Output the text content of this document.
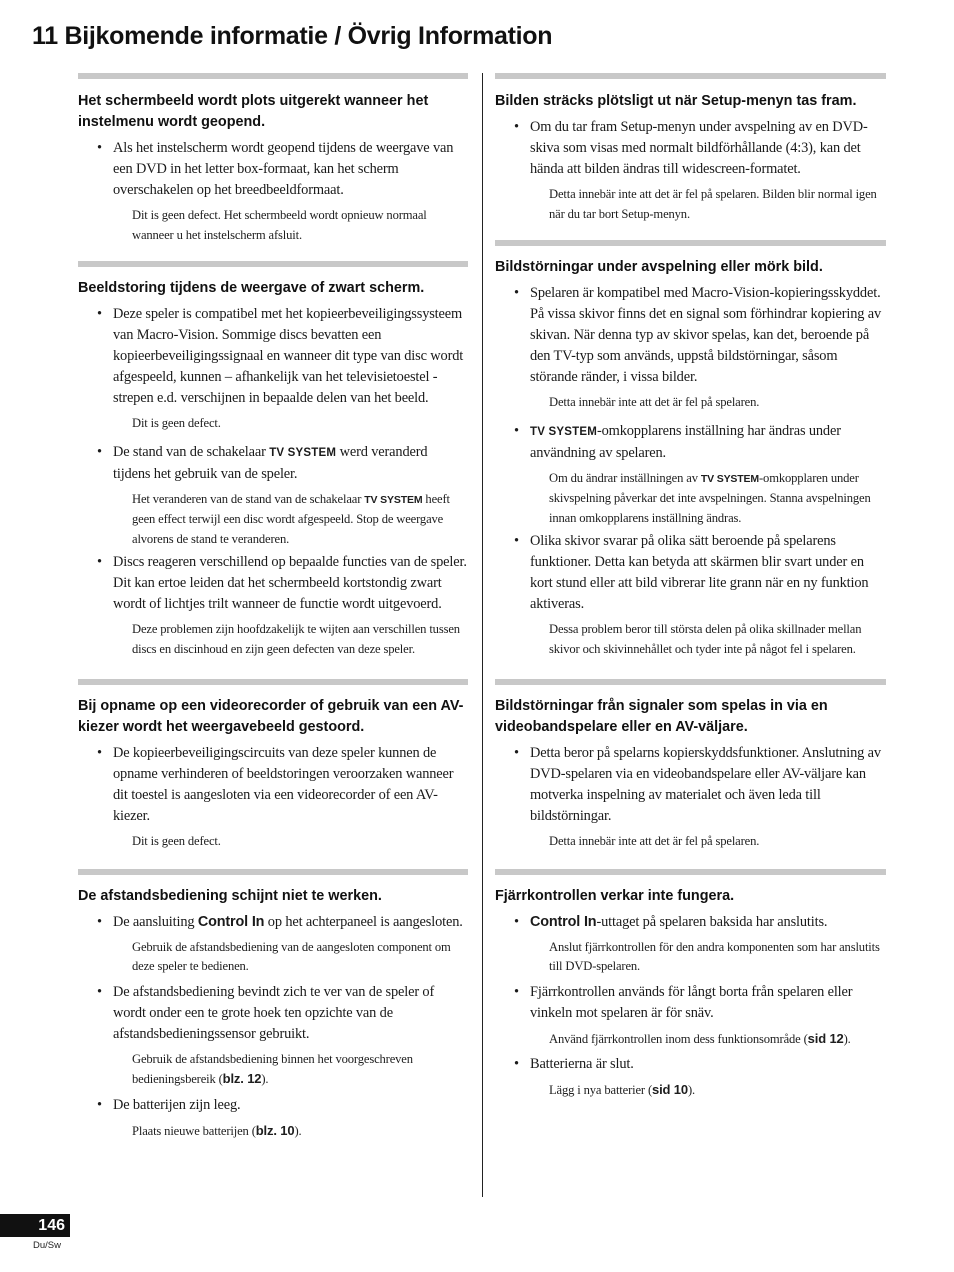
11 Bijkomende informatie / Övrig Information
Het schermbeeld wordt plots uitgerekt wanneer het instelmenu wordt geopend.
• Als het instelscherm wordt geopend tijdens de weergave van een DVD in het letter box-formaat, kan het scherm overschakelen op het breedbeeldformaat.
Dit is geen defect. Het schermbeeld wordt opnieuw normaal wanneer u het instelscherm afsluit.
Beeldstoring tijdens de weergave of zwart scherm.
• Deze speler is compatibel met het kopieerbeveiligingssysteem van Macro-Vision. Sommige discs bevatten een kopieerbeveiligingssignaal en wanneer dit type van disc wordt afgespeeld, kunnen – afhankelijk van het televisietoestel - strepen e.d. verschijnen in bepaalde delen van het beeld.
Dit is geen defect.
• De stand van de schakelaar TV SYSTEM werd veranderd tijdens het gebruik van de speler.
Het veranderen van de stand van de schakelaar TV SYSTEM heeft geen effect terwijl een disc wordt afgespeeld. Stop de weergave alvorens de stand te veranderen.
• Discs reageren verschillend op bepaalde functies van de speler. Dit kan ertoe leiden dat het schermbeeld kortstondig zwart wordt of lichtjes trilt wanneer de functie wordt uitgevoerd.
Deze problemen zijn hoofdzakelijk te wijten aan verschillen tussen discs en discinhoud en zijn geen defecten van deze speler.
Bij opname op een videorecorder of gebruik van een AV-kiezer wordt het weergavebeeld gestoord.
• De kopieerbeveiligingscircuits van deze speler kunnen de opname verhinderen of beeldstoringen veroorzaken wanneer dit toestel is aangesloten via een videorecorder of een AV-kiezer.
Dit is geen defect.
De afstandsbediening schijnt niet te werken.
• De aansluiting Control In op het achterpaneel is aangesloten.
Gebruik de afstandsbediening van de aangesloten component om deze speler te bedienen.
• De afstandsbediening bevindt zich te ver van de speler of wordt onder een te grote hoek ten opzichte van de afstandsbedieningssensor gebruikt.
Gebruik de afstandsbediening binnen het voorgeschreven bedieningsbereik (blz. 12).
• De batterijen zijn leeg.
Plaats nieuwe batterijen (blz. 10).
Bilden sträcks plötsligt ut när Setup-menyn tas fram.
• Om du tar fram Setup-menyn under avspelning av en DVD-skiva som visas med normalt bildförhållande (4:3), kan det hända att bilden ändras till widescreen-formatet.
Detta innebär inte att det är fel på spelaren. Bilden blir normal igen när du tar bort Setup-menyn.
Bildstörningar under avspelning eller mörk bild.
• Spelaren är kompatibel med Macro-Vision-kopieringsskyddet. På vissa skivor finns det en signal som förhindrar kopiering av skivan. När denna typ av skivor spelas, kan det, beroende på den TV-typ som används, uppstå bildstörningar, såsom störande ränder, i vissa bilder.
Detta innebär inte att det är fel på spelaren.
• TV SYSTEM-omkopplarens inställning har ändras under användning av spelaren.
Om du ändrar inställningen av TV SYSTEM-omkopplaren under skivspelning påverkar det inte avspelningen. Stanna avspelningen innan omkopplarens inställning ändras.
• Olika skivor svarar på olika sätt beroende på spelarens funktioner. Detta kan betyda att skärmen blir svart under en kort stund eller att bild vibrerar lite grann när en ny funktion aktiveras.
Dessa problem beror till största delen på olika skillnader mellan skivor och skivinnehållet och tyder inte på något fel i spelaren.
Bildstörningar från signaler som spelas in via en videobandspelare eller en AV-väljare.
• Detta beror på spelarns kopierskyddsfunktioner. Anslutning av DVD-spelaren via en videobandspelare eller AV-väljare kan motverka inspelning av materialet och även leda till bildstörningar.
Detta innebär inte att det är fel på spelaren.
Fjärrkontrollen verkar inte fungera.
• Control In-uttaget på spelaren baksida har anslutits.
Anslut fjärrkontrollen för den andra komponenten som har anslutits till DVD-spelaren.
• Fjärrkontrollen används för långt borta från spelaren eller vinkeln mot spelaren är för snäv.
Använd fjärrkontrollen inom dess funktionsområde (sid 12).
• Batterierna är slut.
Lägg i nya batterier (sid 10).
146
Du/Sw
